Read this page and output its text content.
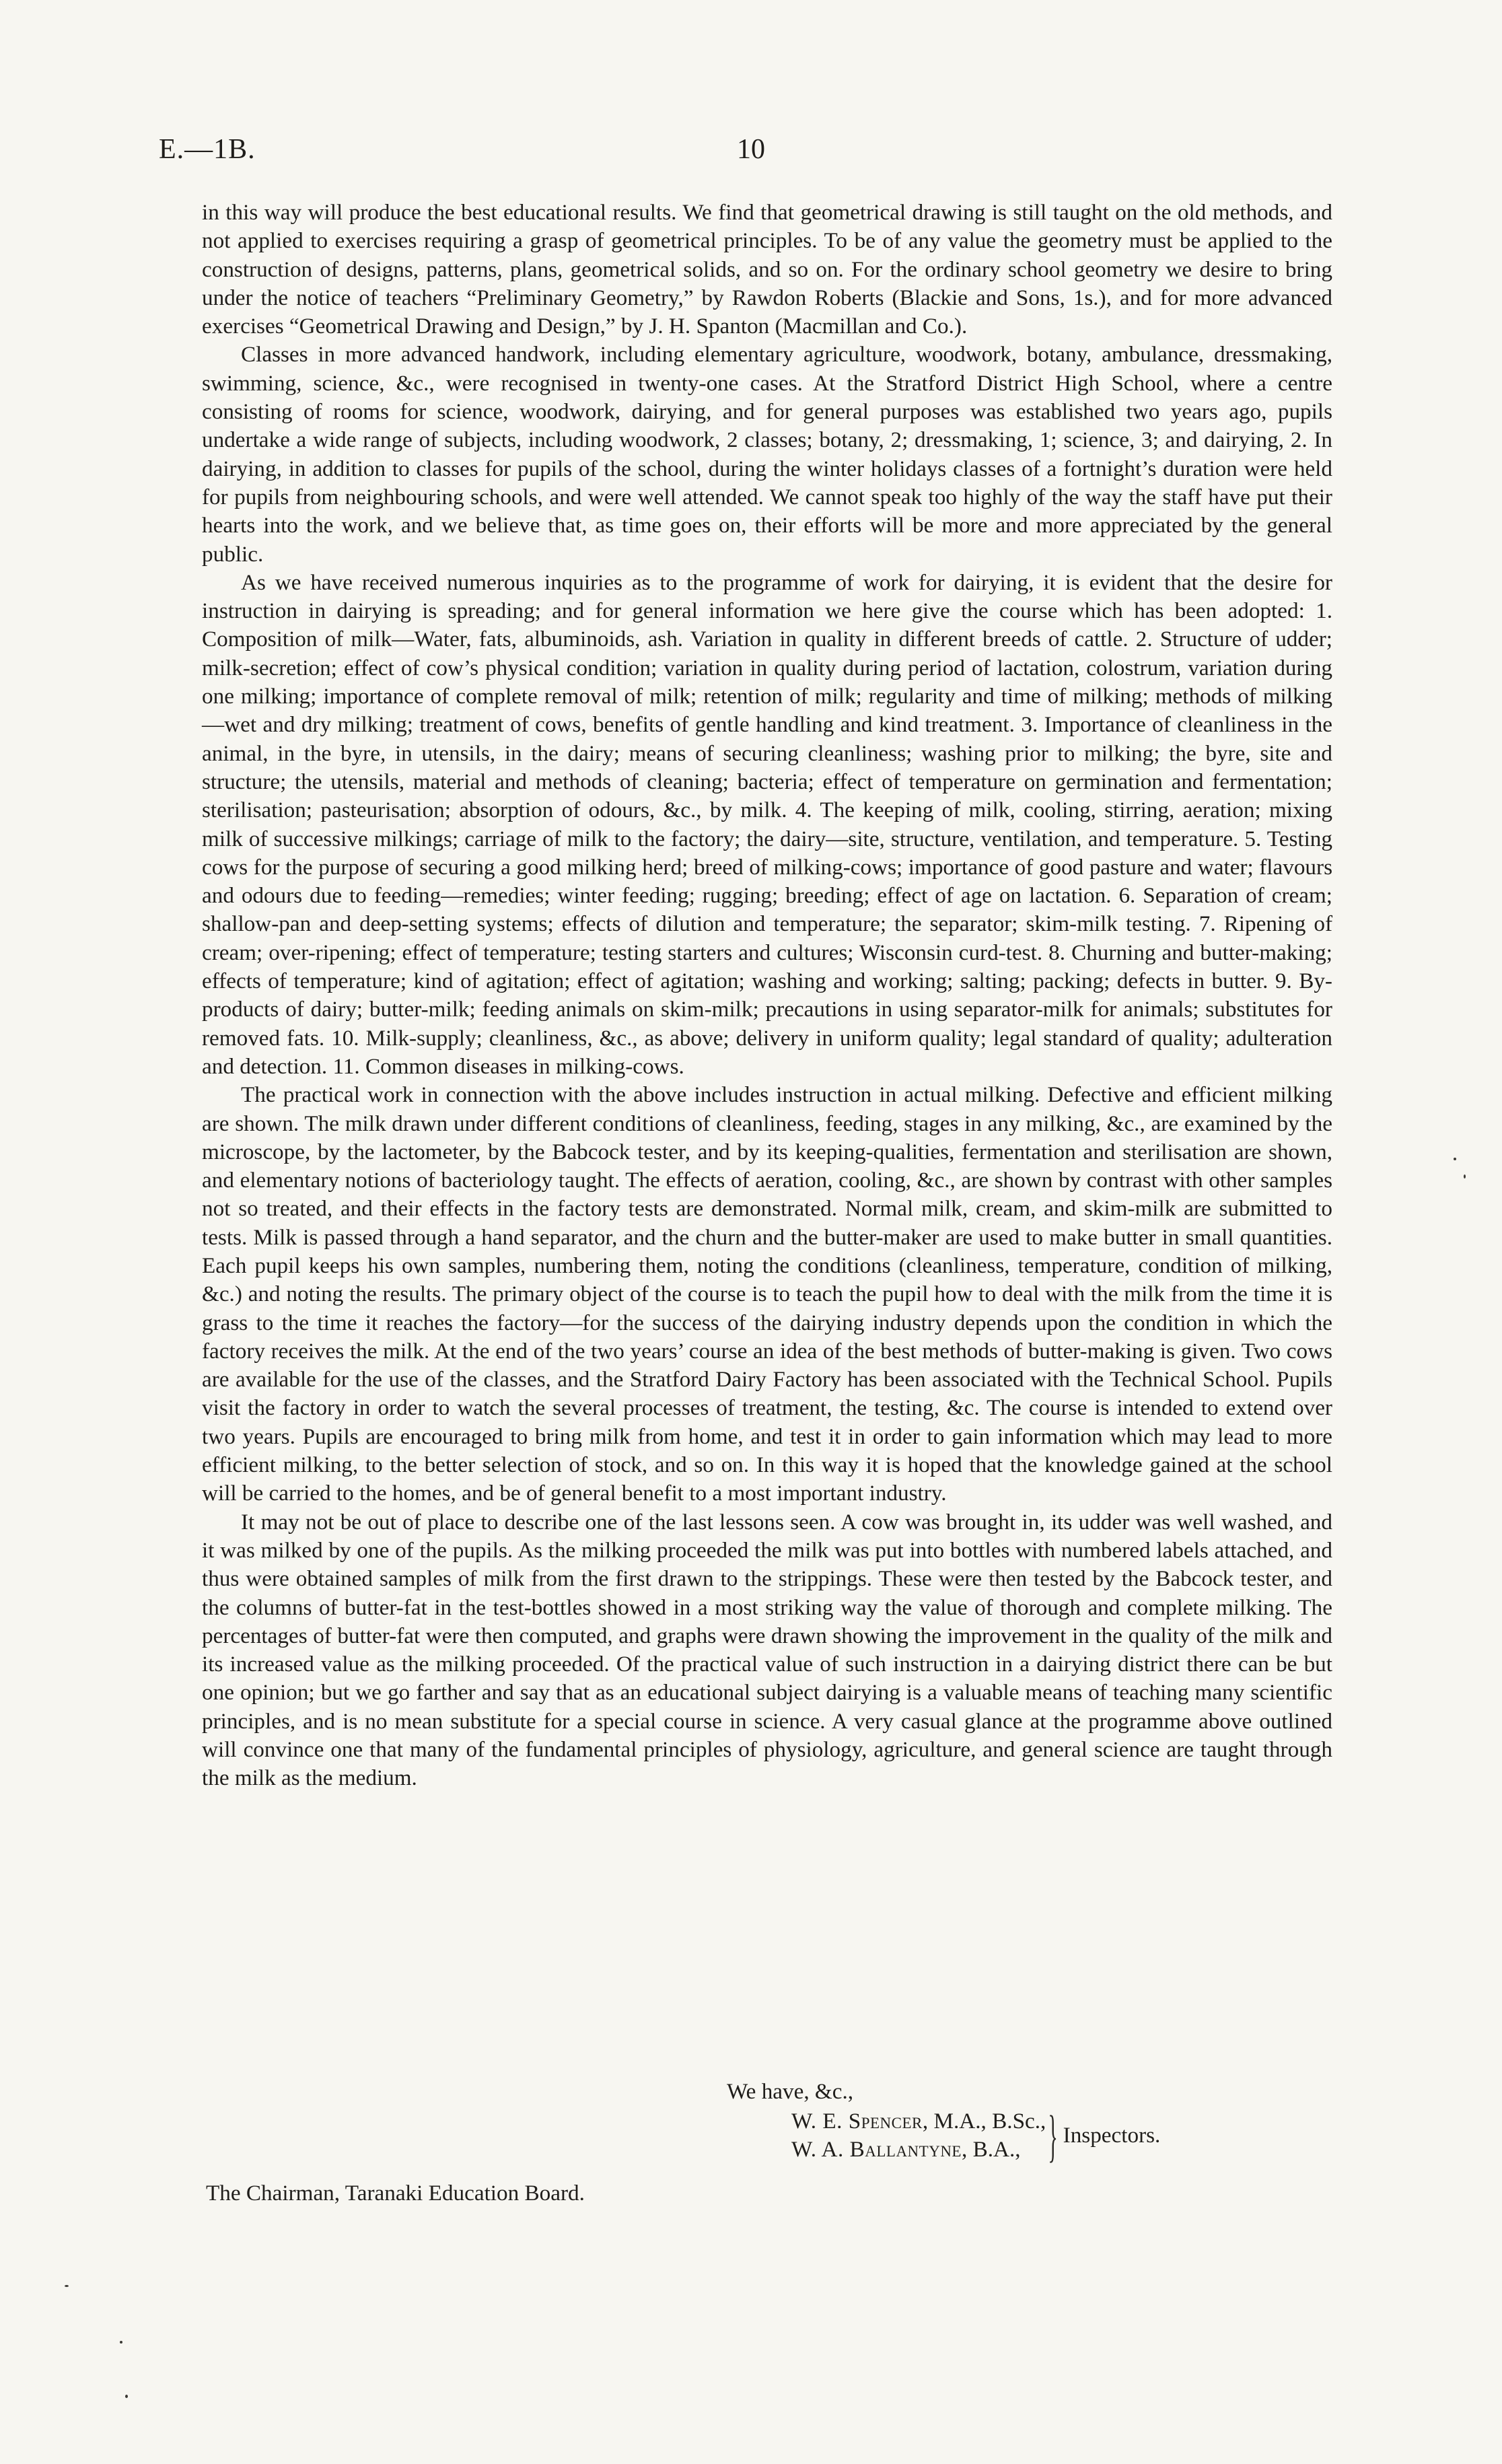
E.—1B.	10

in this way will produce the best educational results. We find that geometrical drawing is still taught on the old methods, and not applied to exercises requiring a grasp of geometrical principles. To be of any value the geometry must be applied to the construction of designs, patterns, plans, geometrical solids, and so on. For the ordinary school geometry we desire to bring under the notice of teachers “Preliminary Geometry,” by Rawdon Roberts (Blackie and Sons, 1s.), and for more advanced exercises “Geometrical Drawing and Design,” by J. H. Spanton (Macmillan and Co.).

Classes in more advanced handwork, including elementary agriculture, woodwork, botany, ambulance, dressmaking, swimming, science, &c., were recognised in twenty-one cases. At the Stratford District High School, where a centre consisting of rooms for science, woodwork, dairying, and for general purposes was established two years ago, pupils undertake a wide range of subjects, including woodwork, 2 classes; botany, 2; dressmaking, 1; science, 3; and dairying, 2. In dairying, in addition to classes for pupils of the school, during the winter holidays classes of a fortnight’s duration were held for pupils from neighbouring schools, and were well attended. We cannot speak too highly of the way the staff have put their hearts into the work, and we believe that, as time goes on, their efforts will be more and more appreciated by the general public.

As we have received numerous inquiries as to the programme of work for dairying, it is evident that the desire for instruction in dairying is spreading; and for general information we here give the course which has been adopted: 1. Composition of milk—Water, fats, albuminoids, ash. Variation in quality in different breeds of cattle. 2. Structure of udder; milk-secretion; effect of cow’s physical condition; variation in quality during period of lactation, colostrum, variation during one milking; importance of complete removal of milk; retention of milk; regularity and time of milking; methods of milking—wet and dry milking; treatment of cows, benefits of gentle handling and kind treatment. 3. Importance of cleanliness in the animal, in the byre, in utensils, in the dairy; means of securing cleanliness; washing prior to milking; the byre, site and structure; the utensils, material and methods of cleaning; bacteria; effect of temperature on germination and fermentation; sterilisation; pasteurisation; absorption of odours, &c., by milk. 4. The keeping of milk, cooling, stirring, aeration; mixing milk of successive milkings; carriage of milk to the factory; the dairy—site, structure, ventilation, and temperature. 5. Testing cows for the purpose of securing a good milking herd; breed of milking-cows; importance of good pasture and water; flavours and odours due to feeding—remedies; winter feeding; rugging; breeding; effect of age on lactation. 6. Separation of cream; shallow-pan and deep-setting systems; effects of dilution and temperature; the separator; skim-milk testing. 7. Ripening of cream; over-ripening; effect of temperature; testing starters and cultures; Wisconsin curd-test. 8. Churning and butter-making; effects of temperature; kind of agitation; effect of agitation; washing and working; salting; packing; defects in butter. 9. By-products of dairy; butter-milk; feeding animals on skim-milk; precautions in using separator-milk for animals; substitutes for removed fats. 10. Milk-supply; cleanliness, &c., as above; delivery in uniform quality; legal standard of quality; adulteration and detection. 11. Common diseases in milking-cows.

The practical work in connection with the above includes instruction in actual milking. Defective and efficient milking are shown. The milk drawn under different conditions of cleanliness, feeding, stages in any milking, &c., are examined by the microscope, by the lactometer, by the Babcock tester, and by its keeping-qualities, fermentation and sterilisation are shown, and elementary notions of bacteriology taught. The effects of aeration, cooling, &c., are shown by contrast with other samples not so treated, and their effects in the factory tests are demonstrated. Normal milk, cream, and skim-milk are submitted to tests. Milk is passed through a hand separator, and the churn and the butter-maker are used to make butter in small quantities. Each pupil keeps his own samples, numbering them, noting the conditions (cleanliness, temperature, condition of milking, &c.) and noting the results. The primary object of the course is to teach the pupil how to deal with the milk from the time it is grass to the time it reaches the factory—for the success of the dairying industry depends upon the condition in which the factory receives the milk. At the end of the two years’ course an idea of the best methods of butter-making is given. Two cows are available for the use of the classes, and the Stratford Dairy Factory has been associated with the Technical School. Pupils visit the factory in order to watch the several processes of treatment, the testing, &c. The course is intended to extend over two years. Pupils are encouraged to bring milk from home, and test it in order to gain information which may lead to more efficient milking, to the better selection of stock, and so on. In this way it is hoped that the knowledge gained at the school will be carried to the homes, and be of general benefit to a most important industry.

It may not be out of place to describe one of the last lessons seen. A cow was brought in, its udder was well washed, and it was milked by one of the pupils. As the milking proceeded the milk was put into bottles with numbered labels attached, and thus were obtained samples of milk from the first drawn to the strippings. These were then tested by the Babcock tester, and the columns of butter-fat in the test-bottles showed in a most striking way the value of thorough and complete milking. The percentages of butter-fat were then computed, and graphs were drawn showing the improvement in the quality of the milk and its increased value as the milking proceeded. Of the practical value of such instruction in a dairying district there can be but one opinion; but we go farther and say that as an educational subject dairying is a valuable means of teaching many scientific principles, and is no mean substitute for a special course in science. A very casual glance at the programme above outlined will convince one that many of the fundamental principles of physiology, agriculture, and general science are taught through the milk as the medium.

We have, &c.,
W. E. Spencer, M.A., B.Sc.,
W. A. Ballantyne, B.A., } Inspectors.
The Chairman, Taranaki Education Board.
